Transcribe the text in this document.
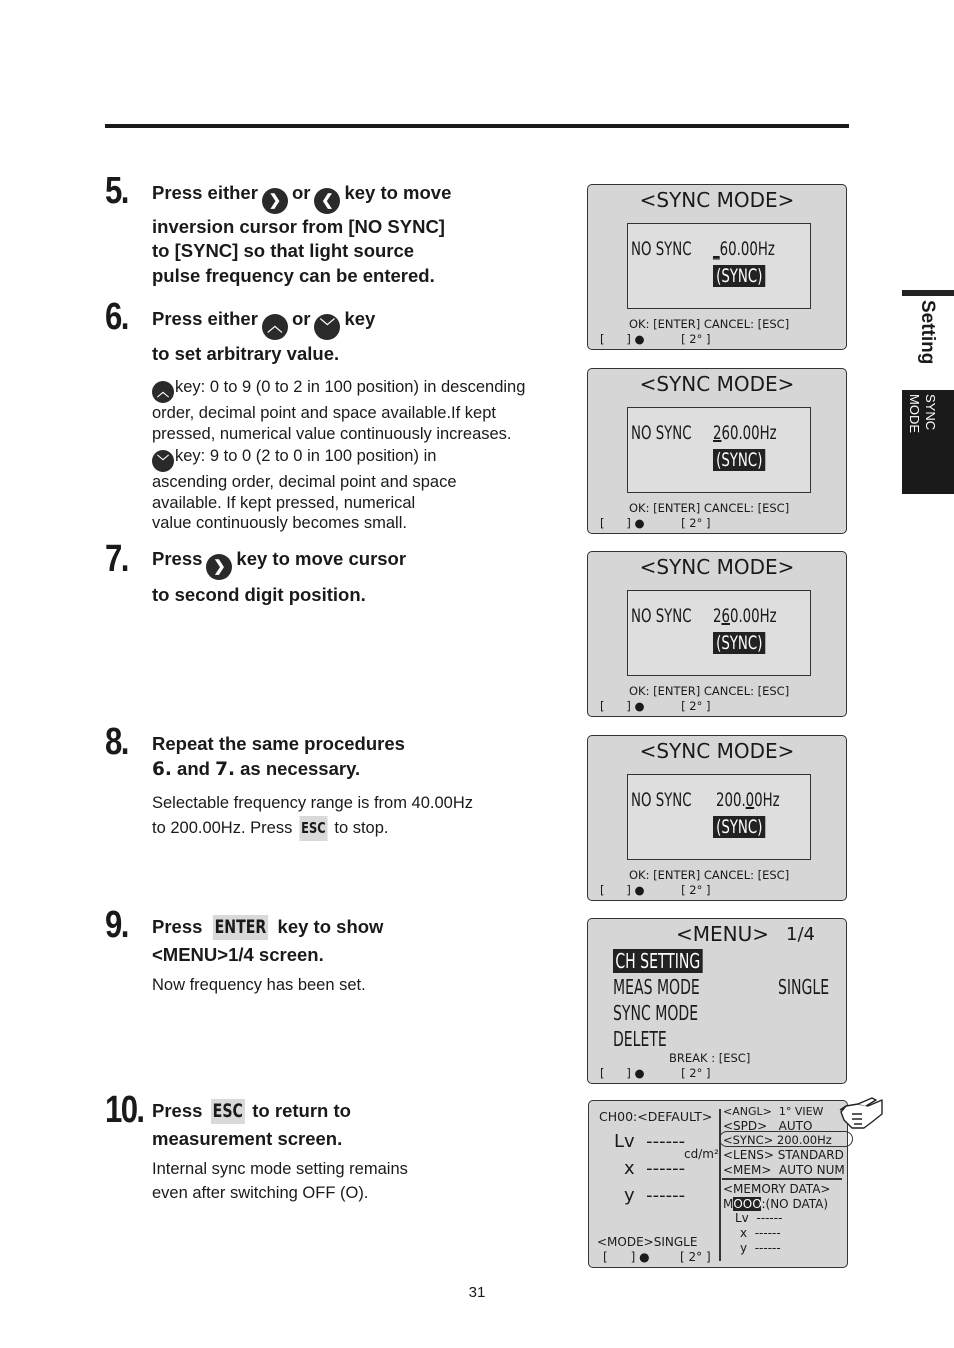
5. Press either ❯ or ❮ key to move

inversion cursor from [NO SYNC]

to [SYNC] so that light source

pulse frequency can be entered.

6. Press either ︿ or ﹀ key

to set arbitrary value.

︿ key: 0 to 9 (0 to 2 in 100 position) in descending

order, decimal point and space available.If kept

pressed, numerical value continuously increases.

﹀ key: 9 to 0 (2 to 0 in 100 position) in

ascending order, decimal point and space

available. If kept pressed, numerical

value continuously becomes small.

7. Press ❯ key to move cursor

to second digit position.

8. Repeat the same procedures

6. and 7. as necessary.

Selectable frequency range is from 40.00Hz

to 200.00Hz. Press ESC to stop.

9. Press ENTER key to show

<MENU>1/4 screen.

Now frequency has been set.

10. Press ESC to return to

measurement screen.

Internal sync mode setting remains

even after switching OFF (O).

<SYNC MODE>
NO SYNC _60.00Hz
(SYNC)
OK: [ENTER] CANCEL: [ESC]
[      ] ●          [ 2° ]
<SYNC MODE>
NO SYNC 260.00Hz
(SYNC)
OK: [ENTER] CANCEL: [ESC]
[      ] ●          [ 2° ]
<SYNC MODE>
NO SYNC 260.00Hz
(SYNC)
OK: [ENTER] CANCEL: [ESC]
[      ] ●          [ 2° ]
<SYNC MODE>
NO SYNC 200.00Hz
(SYNC)
OK: [ENTER] CANCEL: [ESC]
[      ] ●          [ 2° ]
<MENU> 1/4
CH SETTING
MEAS MODE	SINGLE
SYNC MODE
DELETE
BREAK : [ESC]
[      ] ●          [ 2° ]
CH00:<DEFAULT>
Lv  ------
cd/m²
x  ------
y  ------
<MODE>SINGLE
[      ] ●        [ 2° ]
<ANGL>  1° VIEW
<SPD>   AUTO
<SYNC> 200.00Hz
<LENS> STANDARD
<MEM>  AUTO NUM
<MEMORY DATA>
MOOO:(NO DATA)
Lv  ------
x  ------
y  ------
Setting
SYNC
MODE
31
